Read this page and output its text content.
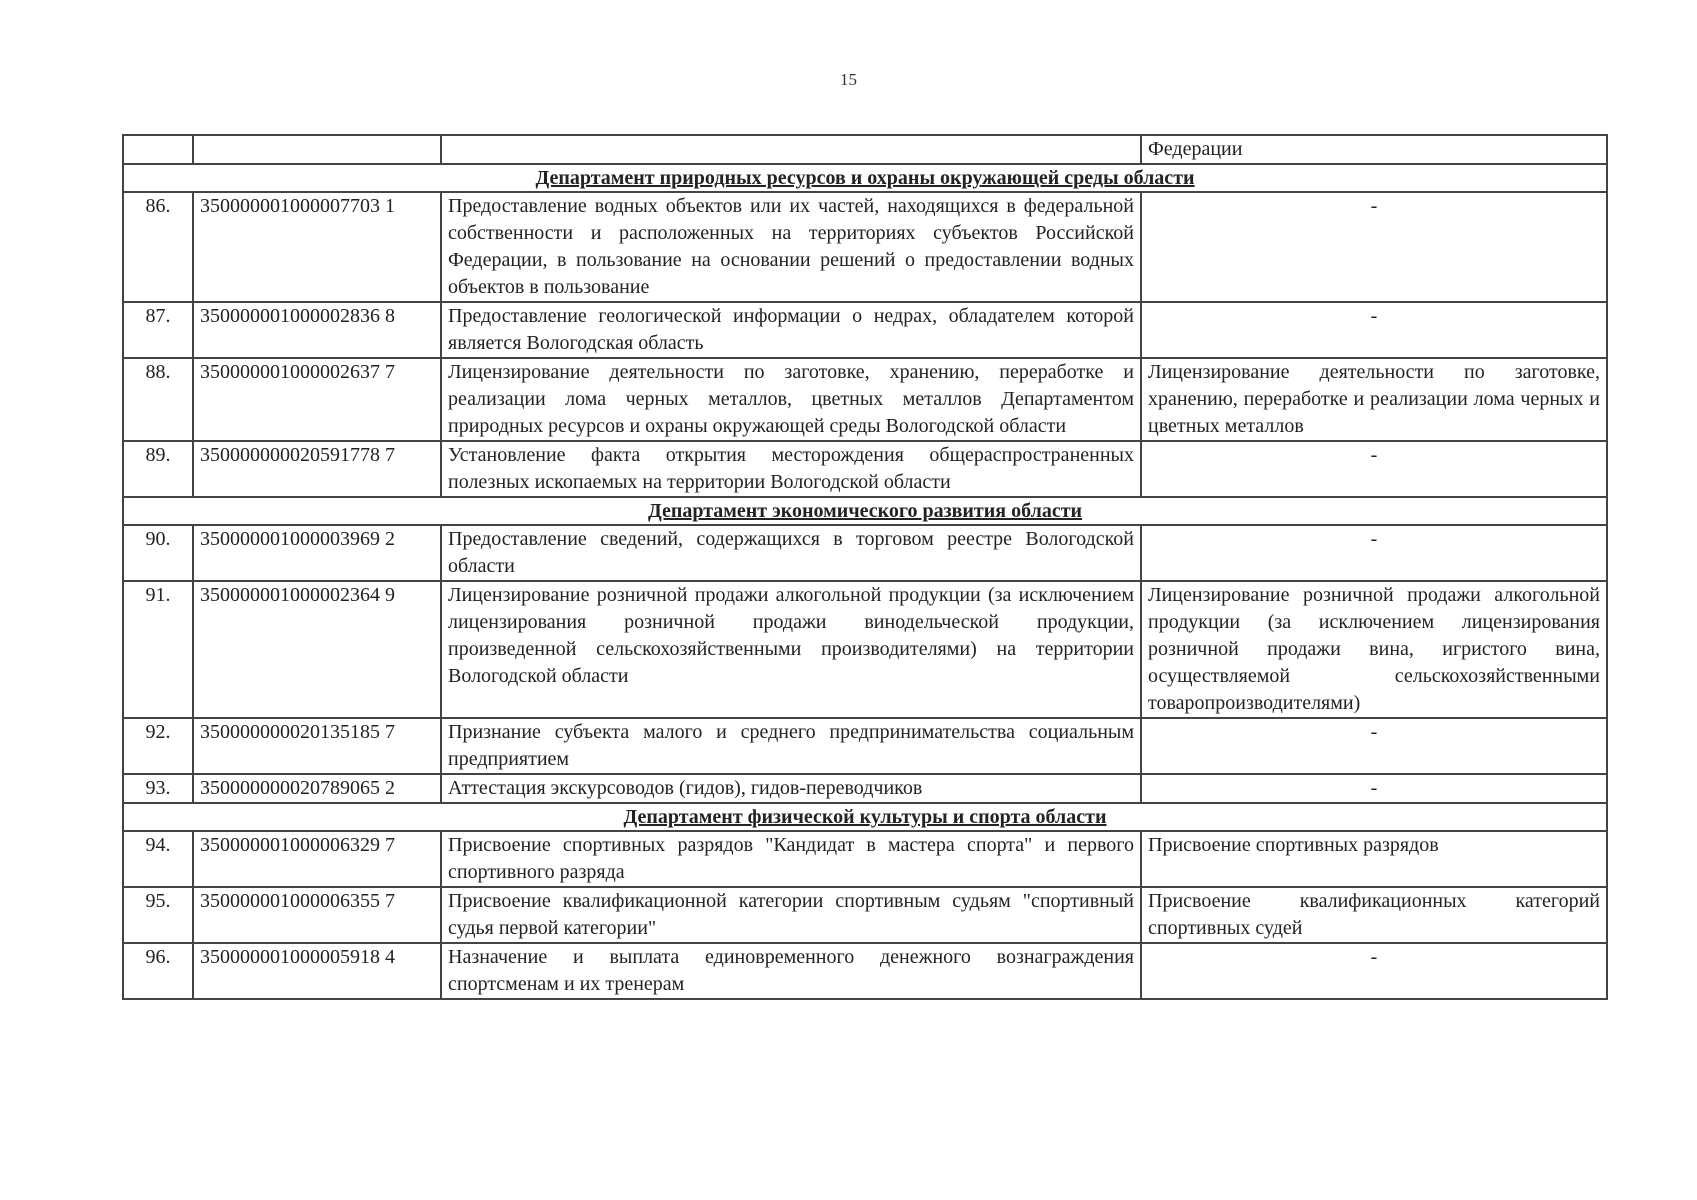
15
			Федерации
Департамент природных ресурсов и охраны окружающей среды области			
86.	350000001000007703 1	Предоставление водных объектов или их частей, находящихся в федеральной собственности и расположенных на территориях субъектов Российской Федерации, в пользование на основании решений о предоставлении водных объектов в пользование	-
87.	350000001000002836 8	Предоставление геологической информации о недрах, обладателем которой является Вологодская область	-
88.	350000001000002637 7	Лицензирование деятельности по заготовке, хранению, переработке и реализации лома черных металлов, цветных металлов Департаментом природных ресурсов и охраны окружающей среды Вологодской области	Лицензирование деятельности по заготовке, хранению, переработке и реализации лома черных и цветных металлов
89.	350000000020591778 7	Установление факта открытия месторождения общераспространенных полезных ископаемых на территории Вологодской области	-
Департамент экономического развития области			
90.	350000001000003969 2	Предоставление сведений, содержащихся в торговом реестре Вологодской области	-
91.	350000001000002364 9	Лицензирование розничной продажи алкогольной продукции (за исключением лицензирования розничной продажи винодельческой продукции, произведенной сельскохозяйственными производителями) на территории Вологодской области	Лицензирование розничной продажи алкогольной продукции (за исключением лицензирования розничной продажи вина, игристого вина, осуществляемой сельскохозяйственными товаропроизводителями)
92.	350000000020135185 7	Признание субъекта малого и среднего предпринимательства социальным предприятием	-
93.	350000000020789065 2	Аттестация экскурсоводов (гидов), гидов-переводчиков	-
Департамент физической культуры и спорта области			
94.	350000001000006329 7	Присвоение спортивных разрядов "Кандидат в мастера спорта" и первого спортивного разряда	Присвоение спортивных разрядов
95.	350000001000006355 7	Присвоение квалификационной категории спортивным судьям "спортивный судья первой категории"	Присвоение квалификационных категорий спортивных судей
96.	350000001000005918 4	Назначение и выплата единовременного денежного вознаграждения спортсменам и их тренерам	-
